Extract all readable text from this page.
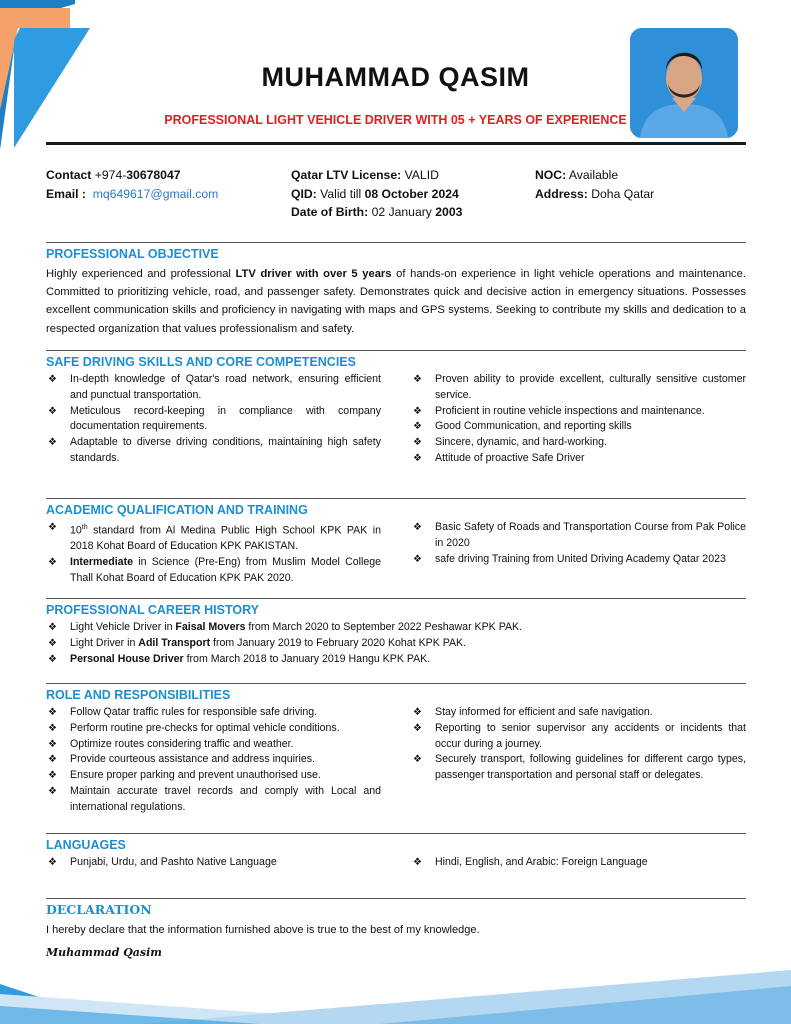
MUHAMMAD QASIM
PROFESSIONAL LIGHT VEHICLE DRIVER WITH 05 + YEARS OF EXPERIENCE
Contact +974-30678047
Email : mq649617@gmail.com
Qatar LTV License: VALID
QID: Valid till 08 October 2024
Date of Birth: 02 January 2003
NOC: Available
Address: Doha Qatar
PROFESSIONAL OBJECTIVE
Highly experienced and professional LTV driver with over 5 years of hands-on experience in light vehicle operations and maintenance. Committed to prioritizing vehicle, road, and passenger safety. Demonstrates quick and decisive action in emergency situations. Possesses excellent communication skills and proficiency in navigating with maps and GPS systems. Seeking to contribute my skills and dedication to a respected organization that values professionalism and safety.
SAFE DRIVING SKILLS AND CORE COMPETENCIES
❖ In-depth knowledge of Qatar's road network, ensuring efficient and punctual transportation.
❖ Meticulous record-keeping in compliance with company documentation requirements.
❖ Adaptable to diverse driving conditions, maintaining high safety standards.
❖ Proven ability to provide excellent, culturally sensitive customer service.
❖ Proficient in routine vehicle inspections and maintenance.
❖ Good Communication, and reporting skills
❖ Sincere, dynamic, and hard-working.
❖ Attitude of proactive Safe Driver
ACADEMIC QUALIFICATION AND TRAINING
❖ 10th standard from Al Medina Public High School KPK PAK in 2018 Kohat Board of Education KPK PAKISTAN.
❖ Intermediate in Science (Pre-Eng) from Muslim Model College Thall Kohat Board of Education KPK PAK 2020.
❖ Basic Safety of Roads and Transportation Course from Pak Police in 2020
❖ safe driving Training from United Driving Academy Qatar 2023
PROFESSIONAL CAREER HISTORY
❖ Light Vehicle Driver in Faisal Movers from March 2020 to September 2022 Peshawar KPK PAK.
❖ Light Driver in Adil Transport from January 2019 to February 2020 Kohat KPK PAK.
❖ Personal House Driver from March 2018 to January 2019 Hangu KPK PAK.
ROLE AND RESPONSIBILITIES
❖ Follow Qatar traffic rules for responsible safe driving.
❖ Perform routine pre-checks for optimal vehicle conditions.
❖ Optimize routes considering traffic and weather.
❖ Provide courteous assistance and address inquiries.
❖ Ensure proper parking and prevent unauthorised use.
❖ Maintain accurate travel records and comply with Local and international regulations.
❖ Stay informed for efficient and safe navigation.
❖ Reporting to senior supervisor any accidents or incidents that occur during a journey.
❖ Securely transport, following guidelines for different cargo types, passenger transportation and personal staff or delegates.
LANGUAGES
❖ Punjabi, Urdu, and Pashto Native Language	❖ Hindi, English, and Arabic: Foreign Language
DECLARATION
I hereby declare that the information furnished above is true to the best of my knowledge.
Muhammad Qasim
